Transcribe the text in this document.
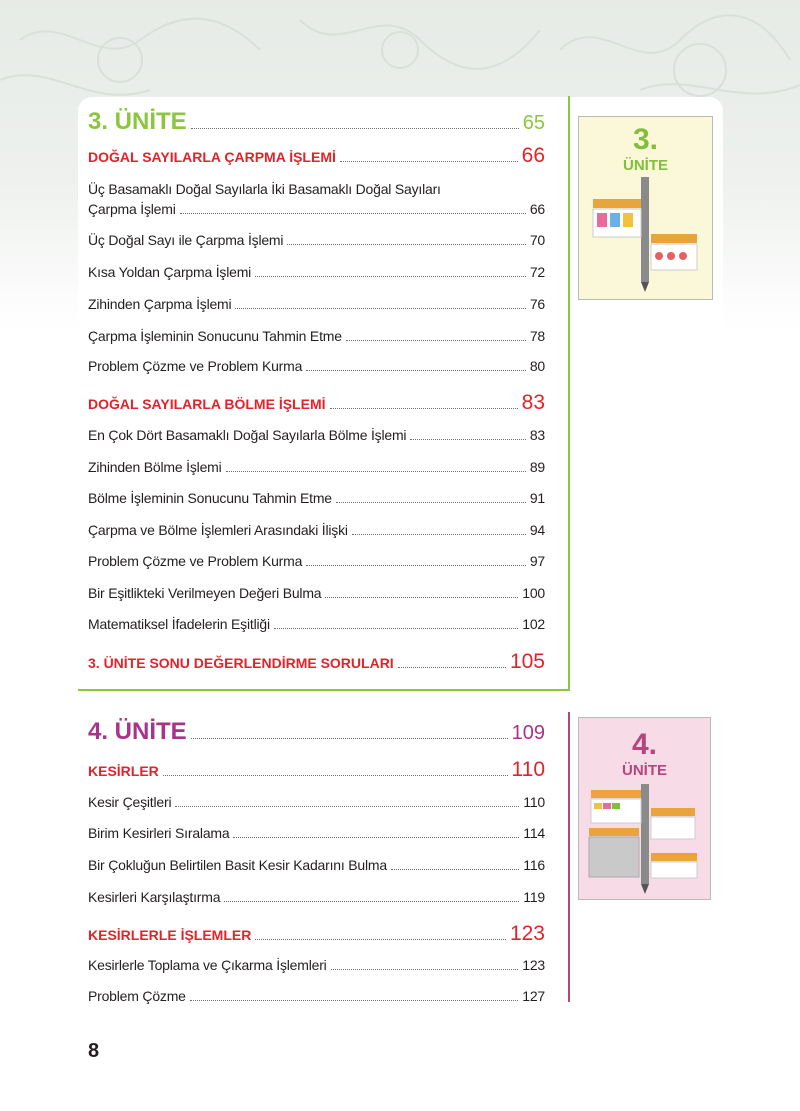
3. ÜNİTE	65
DOĞAL SAYILARLA ÇARPMA İŞLEMİ	66
Üç Basamaklı Doğal Sayılarla İki Basamaklı Doğal Sayıları
Çarpma İşlemi	66
Üç Doğal Sayı ile Çarpma İşlemi	70
Kısa Yoldan Çarpma İşlemi	72
Zihinden Çarpma İşlemi	76
Çarpma İşleminin Sonucunu Tahmin Etme	78
Problem Çözme ve Problem Kurma	80
DOĞAL SAYILARLA BÖLME İŞLEMİ	83
En Çok Dört Basamaklı Doğal Sayılarla Bölme İşlemi	83
Zihinden Bölme İşlemi	89
Bölme İşleminin Sonucunu Tahmin Etme	91
Çarpma ve Bölme İşlemleri Arasındaki İlişki	94
Problem Çözme ve Problem Kurma	97
Bir Eşitlikteki Verilmeyen Değeri Bulma	100
Matematiksel İfadelerin Eşitliği	102
3. ÜNİTE SONU DEĞERLENDİRME SORULARI	105
3.
ÜNİTE
4. ÜNİTE	109
KESİRLER	110
Kesir Çeşitleri	110
Birim Kesirleri Sıralama	114
Bir Çokluğun Belirtilen Basit Kesir Kadarını Bulma	116
Kesirleri Karşılaştırma	119
KESİRLERLE İŞLEMLER	123
Kesirlerle Toplama ve Çıkarma İşlemleri	123
Problem Çözme	127
4.
ÜNİTE
8
